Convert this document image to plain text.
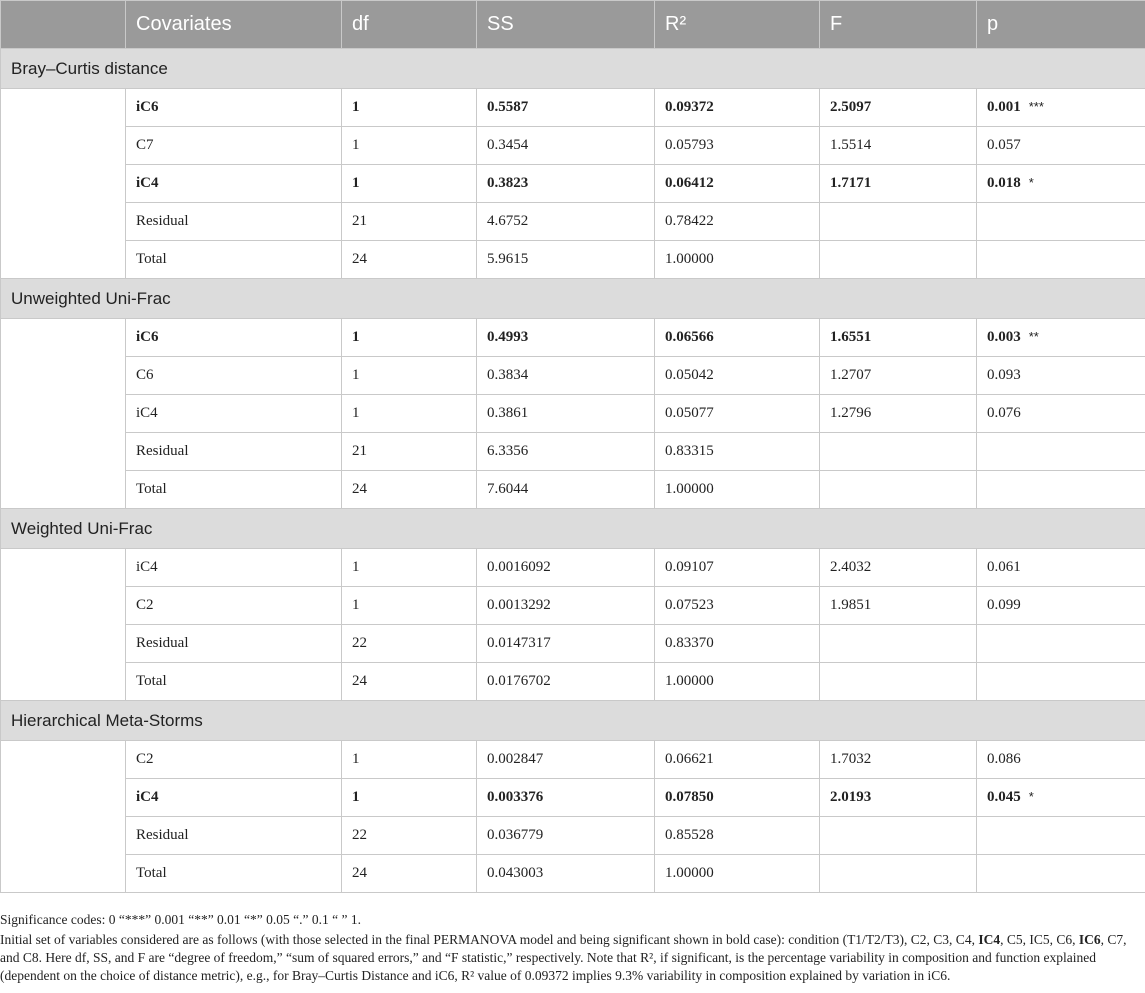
	Covariates	df	SS	R²	F	p
Bray–Curtis distance						
	iC6	1	0.5587	0.09372	2.5097	0.001 ***
	C7	1	0.3454	0.05793	1.5514	0.057
	iC4	1	0.3823	0.06412	1.7171	0.018 *
	Residual	21	4.6752	0.78422		
	Total	24	5.9615	1.00000		
Unweighted Uni-Frac						
	iC6	1	0.4993	0.06566	1.6551	0.003 **
	C6	1	0.3834	0.05042	1.2707	0.093
	iC4	1	0.3861	0.05077	1.2796	0.076
	Residual	21	6.3356	0.83315		
	Total	24	7.6044	1.00000		
Weighted Uni-Frac						
	iC4	1	0.0016092	0.09107	2.4032	0.061
	C2	1	0.0013292	0.07523	1.9851	0.099
	Residual	22	0.0147317	0.83370		
	Total	24	0.0176702	1.00000		
Hierarchical Meta-Storms						
	C2	1	0.002847	0.06621	1.7032	0.086
	iC4	1	0.003376	0.07850	2.0193	0.045 *
	Residual	22	0.036779	0.85528		
	Total	24	0.043003	1.00000		

Significance codes: 0 “***” 0.001 “**” 0.01 “*” 0.05 “.” 0.1 “ ” 1.

Initial set of variables considered are as follows (with those selected in the final PERMANOVA model and being significant shown in bold case): condition (T1/T2/T3), C2, C3, C4, IC4, C5, IC5, C6, IC6, C7, and C8. Here df, SS, and F are “degree of freedom,” “sum of squared errors,” and “F statistic,” respectively. Note that R², if significant, is the percentage variability in composition and function explained (dependent on the choice of distance metric), e.g., for Bray–Curtis Distance and iC6, R² value of 0.09372 implies 9.3% variability in composition explained by variation in iC6.
